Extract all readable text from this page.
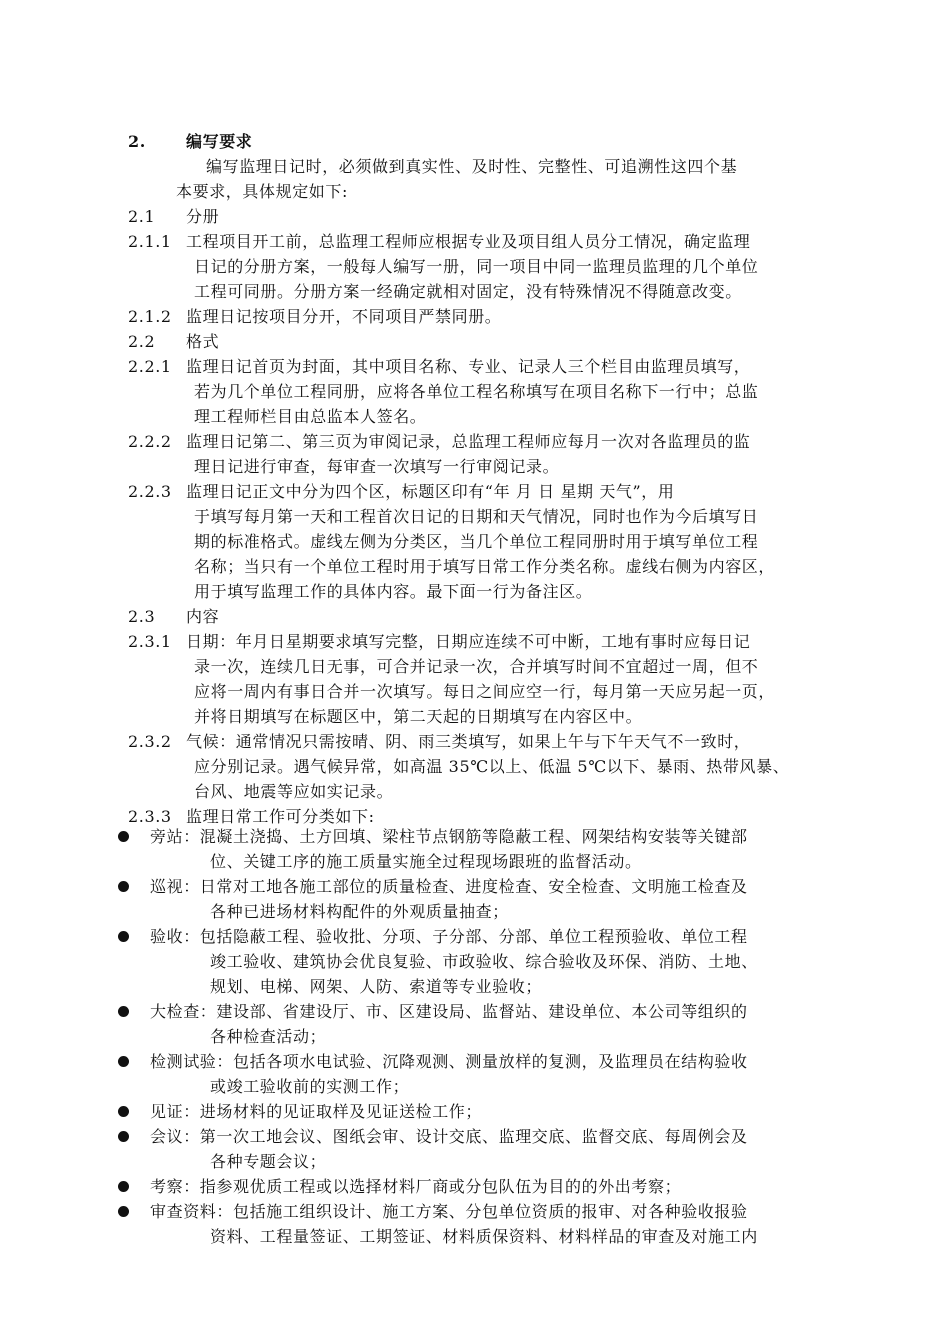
2.	编写要求
编写监理日记时，必须做到真实性、及时性、完整性、可追溯性这四个基
本要求，具体规定如下:
2.1 分册
2.1.1 工程项目开工前，总监理工程师应根据专业及项目组人员分工情况，确定监理
日记的分册方案，一般每人编写一册，同一项目中同一监理员监理的几个单位
工程可同册。分册方案一经确定就相对固定，没有特殊情况不得随意改变。
2.1.2 监理日记按项目分开，不同项目严禁同册。
2.2 格式
2.2.1 监理日记首页为封面，其中项目名称、专业、记录人三个栏目由监理员填写，
若为几个单位工程同册，应将各单位工程名称填写在项目名称下一行中；总监
理工程师栏目由总监本人签名。
2.2.2 监理日记第二、第三页为审阅记录，总监理工程师应每月一次对各监理员的监
理日记进行审查，每审查一次填写一行审阅记录。
2.2.3 监理日记正文中分为四个区，标题区印有“年 月 日 星期 天气”，用
于填写每月第一天和工程首次日记的日期和天气情况，同时也作为今后填写日
期的标准格式。虚线左侧为分类区，当几个单位工程同册时用于填写单位工程
名称；当只有一个单位工程时用于填写日常工作分类名称。虚线右侧为内容区，
用于填写监理工作的具体内容。最下面一行为备注区。
2.3 内容
2.3.1 日期：年月日星期要求填写完整，日期应连续不可中断，工地有事时应每日记
录一次，连续几日无事，可合并记录一次，合并填写时间不宜超过一周，但不
应将一周内有事日合并一次填写。每日之间应空一行，每月第一天应另起一页，
并将日期填写在标题区中，第二天起的日期填写在内容区中。
2.3.2 气候：通常情况只需按晴、阴、雨三类填写，如果上午与下午天气不一致时，
应分别记录。遇气候异常，如高温 35℃以上、低温 5℃以下、暴雨、热带风暴、
台风、地震等应如实记录。
2.3.3 监理日常工作可分类如下:
旁站：混凝土浇捣、土方回填、梁柱节点钢筋等隐蔽工程、网架结构安装等关键部
位、关键工序的施工质量实施全过程现场跟班的监督活动。
巡视：日常对工地各施工部位的质量检查、进度检查、安全检查、文明施工检查及
各种已进场材料构配件的外观质量抽查；
验收：包括隐蔽工程、验收批、分项、子分部、分部、单位工程预验收、单位工程
竣工验收、建筑协会优良复验、市政验收、综合验收及环保、消防、土地、
规划、电梯、网架、人防、索道等专业验收；
大检查：建设部、省建设厅、市、区建设局、监督站、建设单位、本公司等组织的
各种检查活动；
检测试验：包括各项水电试验、沉降观测、测量放样的复测，及监理员在结构验收
或竣工验收前的实测工作；
见证：进场材料的见证取样及见证送检工作；
会议：第一次工地会议、图纸会审、设计交底、监理交底、监督交底、每周例会及
各种专题会议；
考察：指参观优质工程或以选择材料厂商或分包队伍为目的的外出考察；
审查资料：包括施工组织设计、施工方案、分包单位资质的报审、对各种验收报验
资料、工程量签证、工期签证、材料质保资料、材料样品的审查及对施工内
